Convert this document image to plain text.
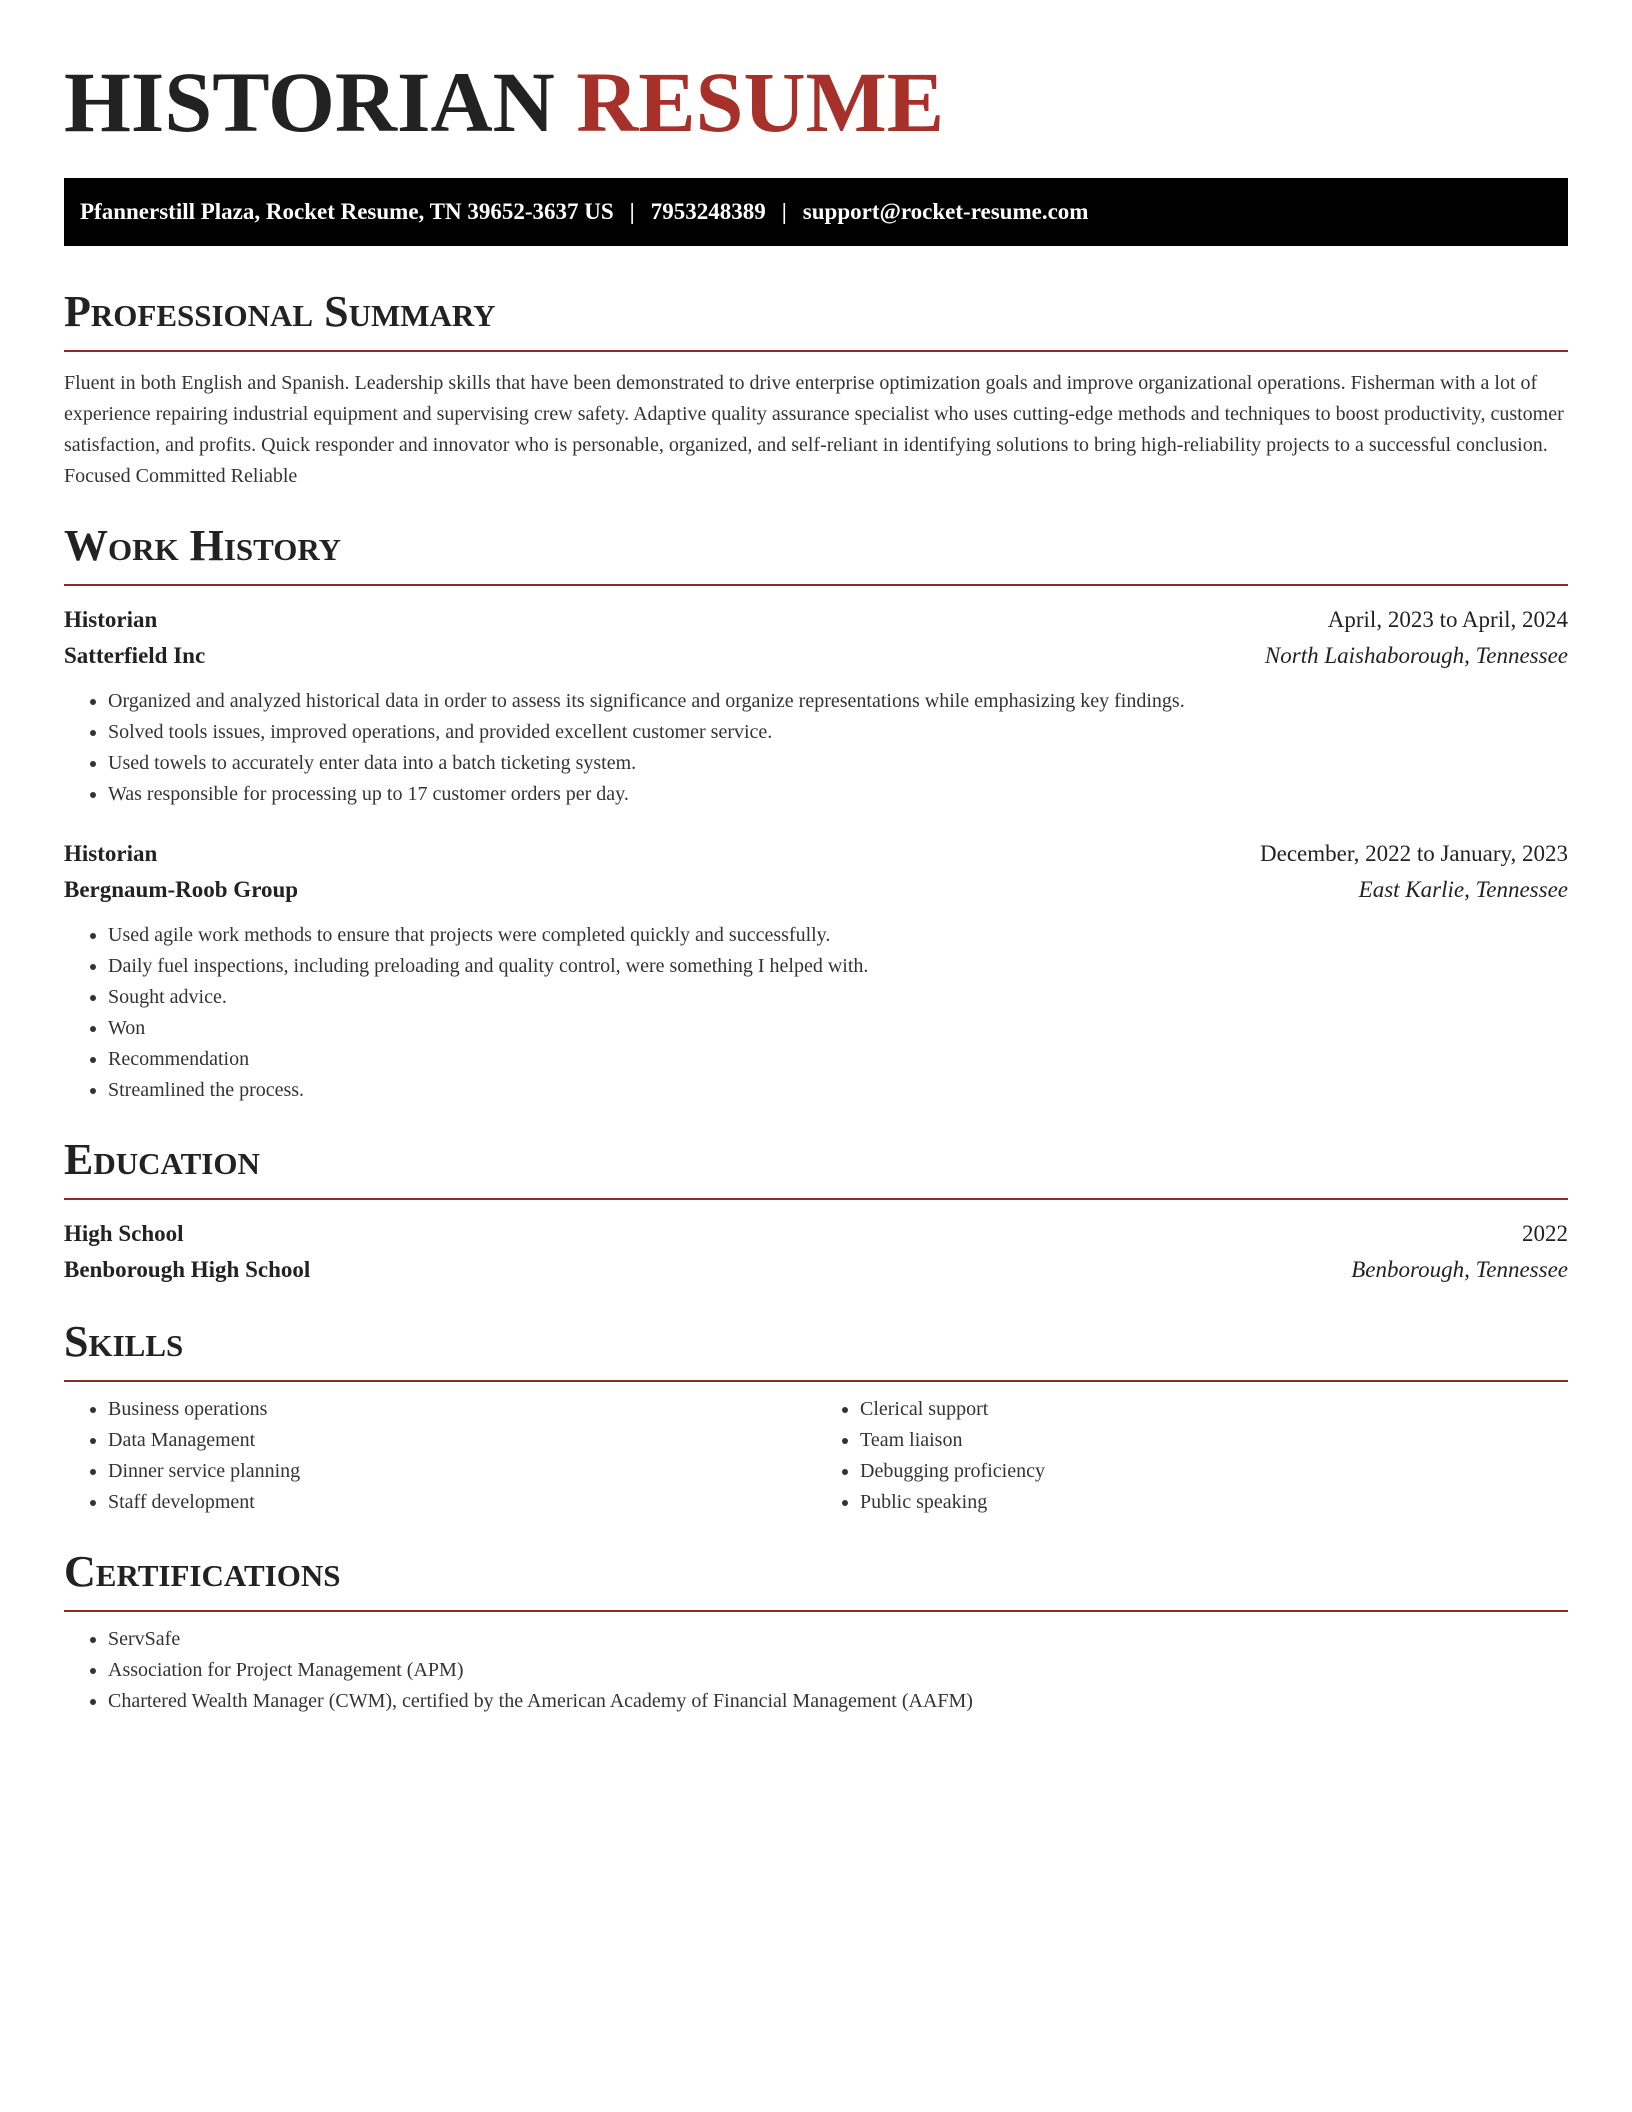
HISTORIAN RESUME
Pfannerstill Plaza, Rocket Resume, TN 39652-3637 US | 7953248389 | support@rocket-resume.com
Professional Summary

Fluent in both English and Spanish. Leadership skills that have been demonstrated to drive enterprise optimization goals and improve organizational operations. Fisherman with a lot of experience repairing industrial equipment and supervising crew safety. Adaptive quality assurance specialist who uses cutting-edge methods and techniques to boost productivity, customer satisfaction, and profits. Quick responder and innovator who is personable, organized, and self-reliant in identifying solutions to bring high-reliability projects to a successful conclusion. Focused Committed Reliable

Work History
Historian	April, 2023 to April, 2024
Satterfield Inc	North Laishaborough, Tennessee
• Organized and analyzed historical data in order to assess its significance and organize representations while emphasizing key findings.
• Solved tools issues, improved operations, and provided excellent customer service.
• Used towels to accurately enter data into a batch ticketing system.
• Was responsible for processing up to 17 customer orders per day.
Historian	December, 2022 to January, 2023
Bergnaum-Roob Group	East Karlie, Tennessee
• Used agile work methods to ensure that projects were completed quickly and successfully.
• Daily fuel inspections, including preloading and quality control, were something I helped with.
• Sought advice.
• Won
• Recommendation
• Streamlined the process.
Education
High School	2022
Benborough High School	Benborough, Tennessee
Skills
• Business operations
• Data Management
• Dinner service planning
• Staff development
• Clerical support
• Team liaison
• Debugging proficiency
• Public speaking
Certifications
• ServSafe
• Association for Project Management (APM)
• Chartered Wealth Manager (CWM), certified by the American Academy of Financial Management (AAFM)
